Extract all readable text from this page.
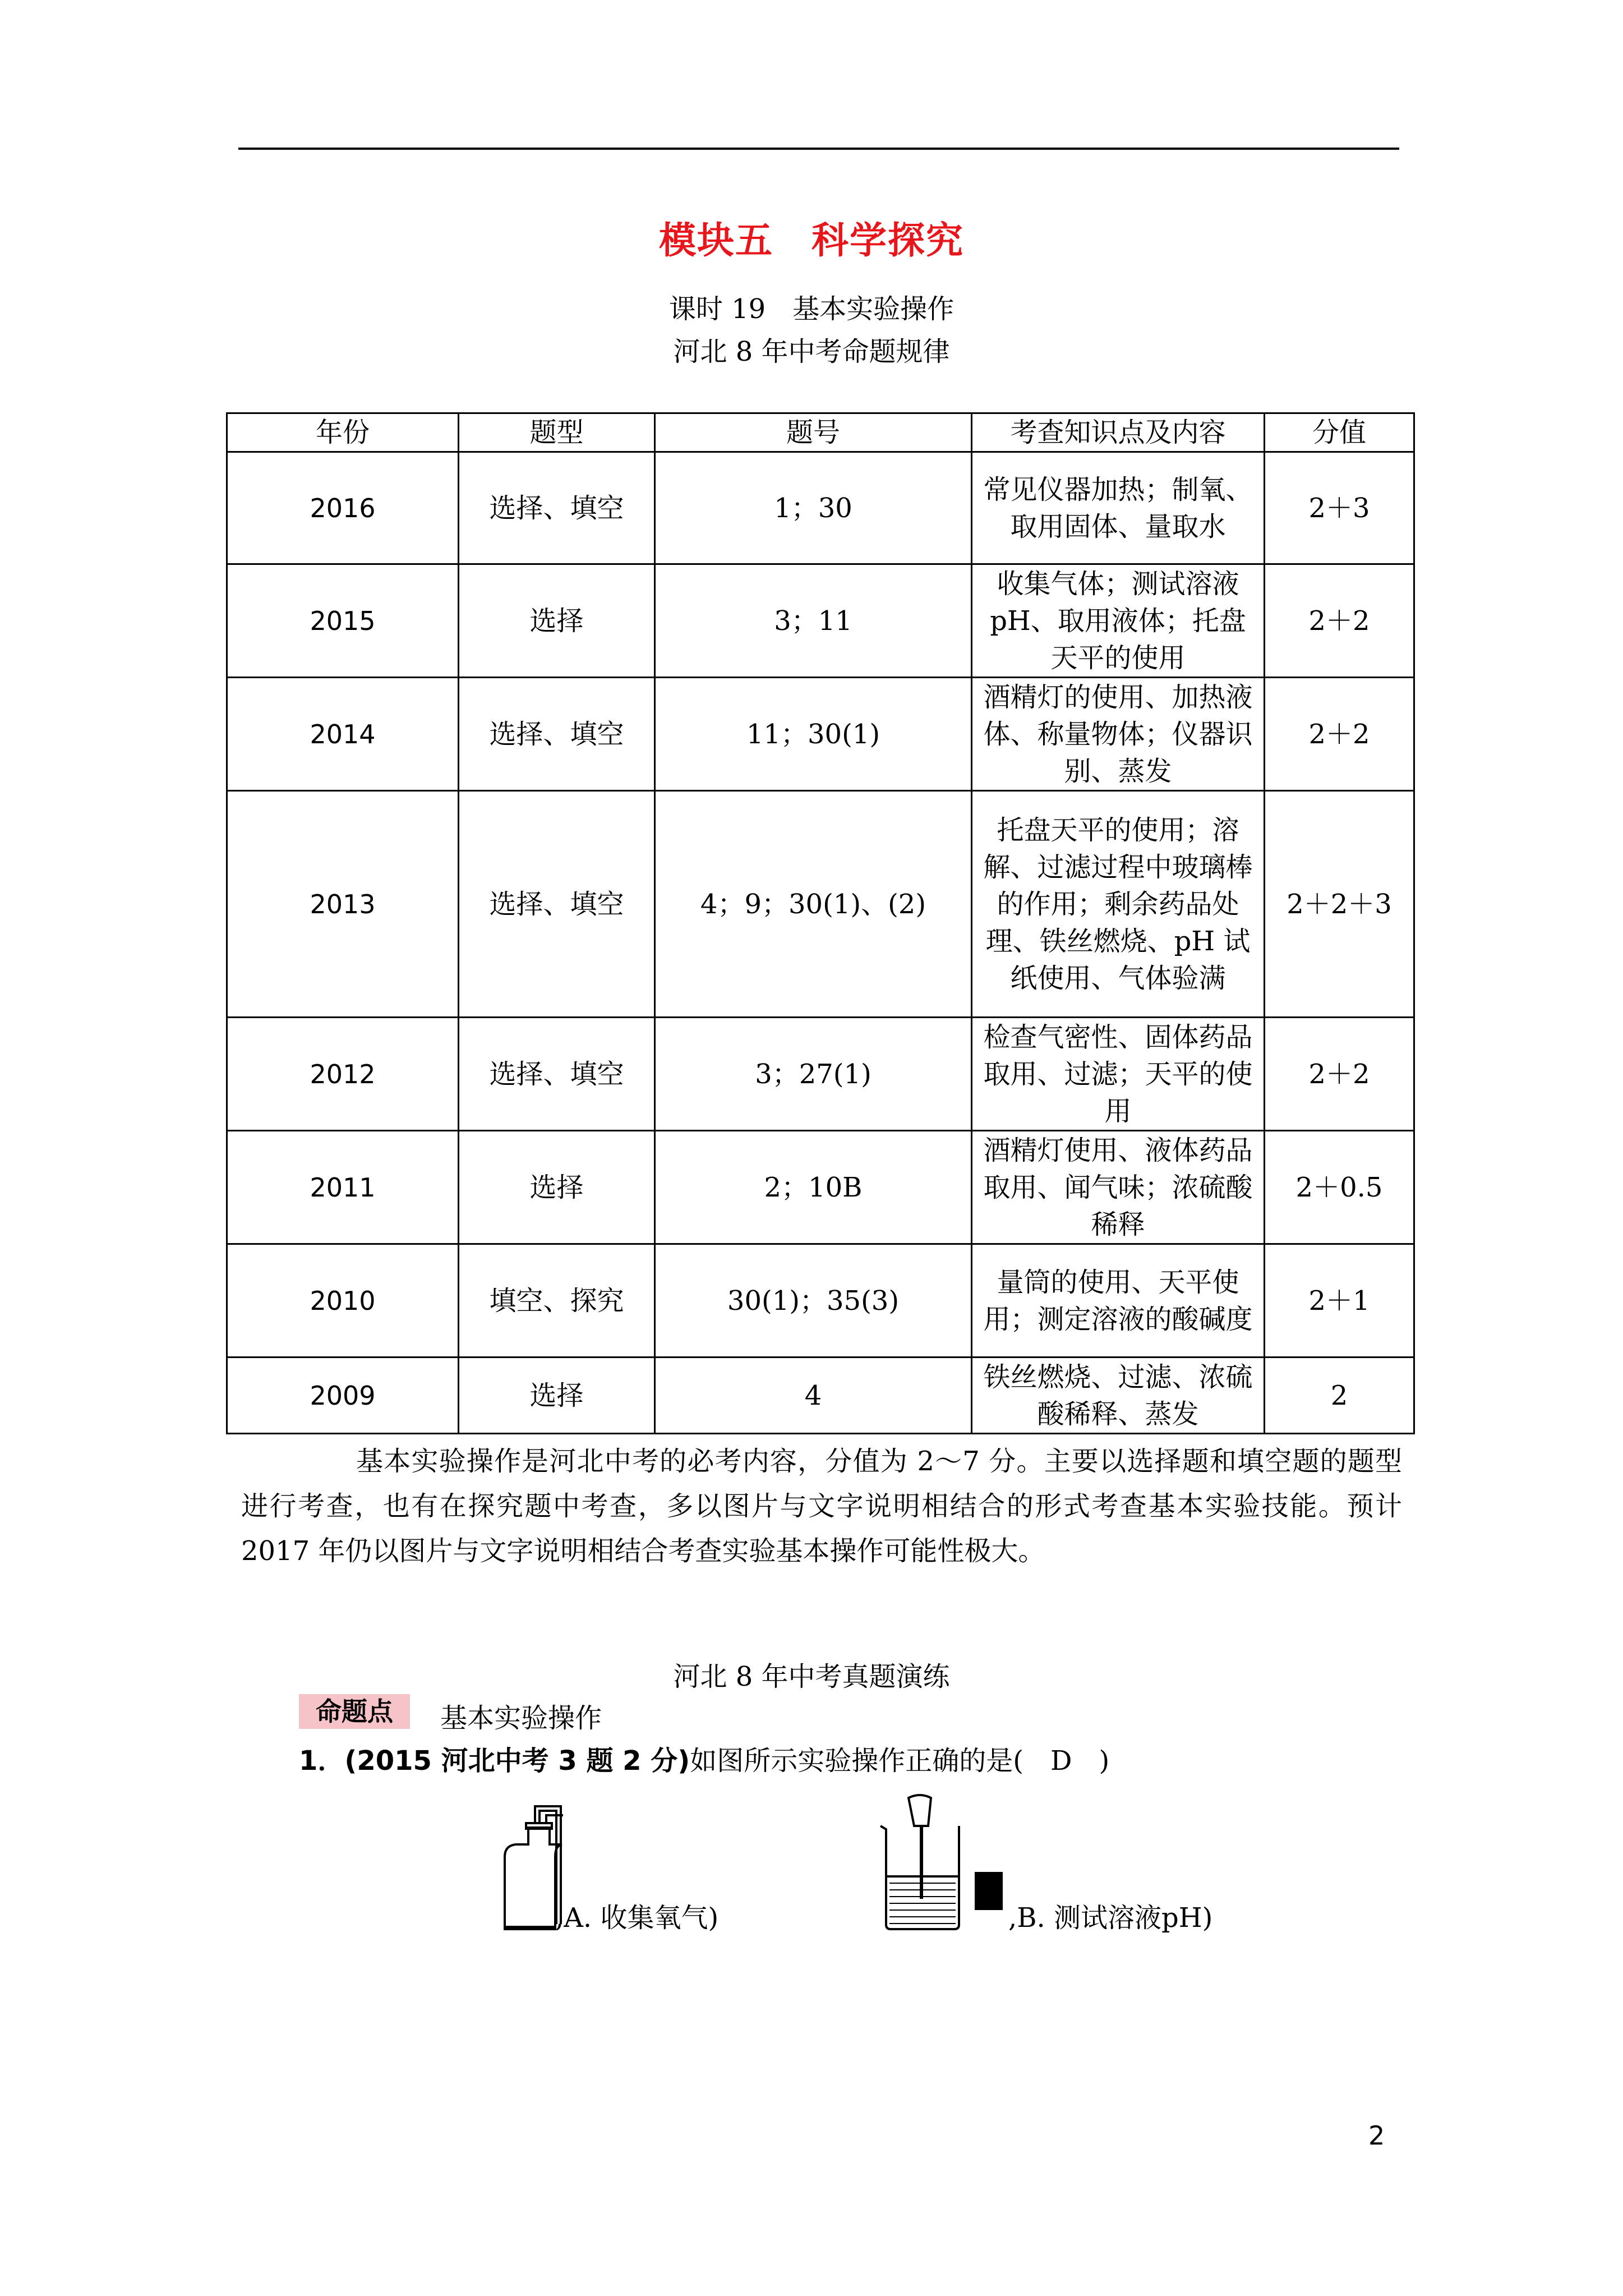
模块五　科学探究
课时 19　基本实验操作
河北 8 年中考命题规律
年份	题型	题号	考查知识点及内容	分值
2016	选择、填空	1；30	常见仪器加热；制氧、取用固体、量取水	2＋3
2015	选择	3；11	收集气体；测试溶液pH、取用液体；托盘天平的使用	2＋2
2014	选择、填空	11；30(1)	酒精灯的使用、加热液体、称量物体；仪器识别、蒸发	2＋2
2013	选择、填空	4；9；30(1)、(2)	托盘天平的使用；溶解、过滤过程中玻璃棒的作用；剩余药品处理、铁丝燃烧、pH 试纸使用、气体验满	2＋2＋3
2012	选择、填空	3；27(1)	检查气密性、固体药品取用、过滤；天平的使用	2＋2
2011	选择	2；10B	酒精灯使用、液体药品取用、闻气味；浓硫酸稀释	2＋0.5
2010	填空、探究	30(1)；35(3)	量筒的使用、天平使用；测定溶液的酸碱度	2＋1
2009	选择	4	铁丝燃烧、过滤、浓硫酸稀释、蒸发	2
基本实验操作是河北中考的必考内容，分值为 2～7 分。主要以选择题和填空题的题型进行考查，也有在探究题中考查，多以图片与文字说明相结合的形式考查基本实验技能。预计 2017 年仍以图片与文字说明相结合考查实验基本操作可能性极大。
河北 8 年中考真题演练
命题点	基本实验操作
1．(2015 河北中考 3 题 2 分)如图所示实验操作正确的是(　D　)
,A. 收集氧气)	,B. 测试溶液pH)
2
